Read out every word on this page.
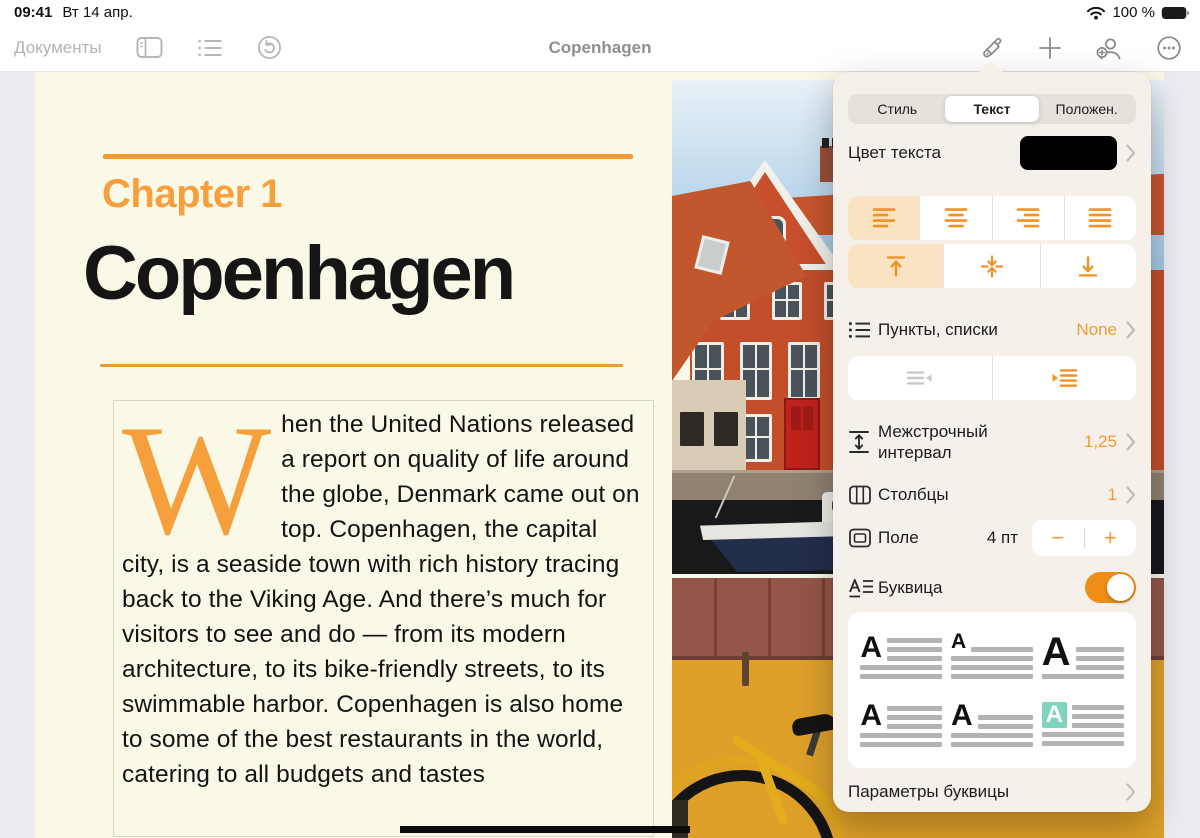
09:41 Вт 14 апр.	100 %
Документы	Copenhagen
Chapter 1
Copenhagen
W hen the United Nations released a report on quality of life around the globe, Denmark came out on top. Copenhagen, the capital city, is a seaside town with rich history tracing back to the Viking Age. And there’s much for visitors to see and do — from its modern architecture, to its bike-friendly streets, to its swimmable harbor. Copenhagen is also home to some of the best restaurants in the world, catering to all budgets and tastes
Стиль	Текст	Положен.
Цвет текста
Пункты, списки	None
Межстрочный
интервал
1,25
Столбцы	1
Поле	4 пт	−	+
Буквица
A	A A
A A	A
Параметры буквицы
